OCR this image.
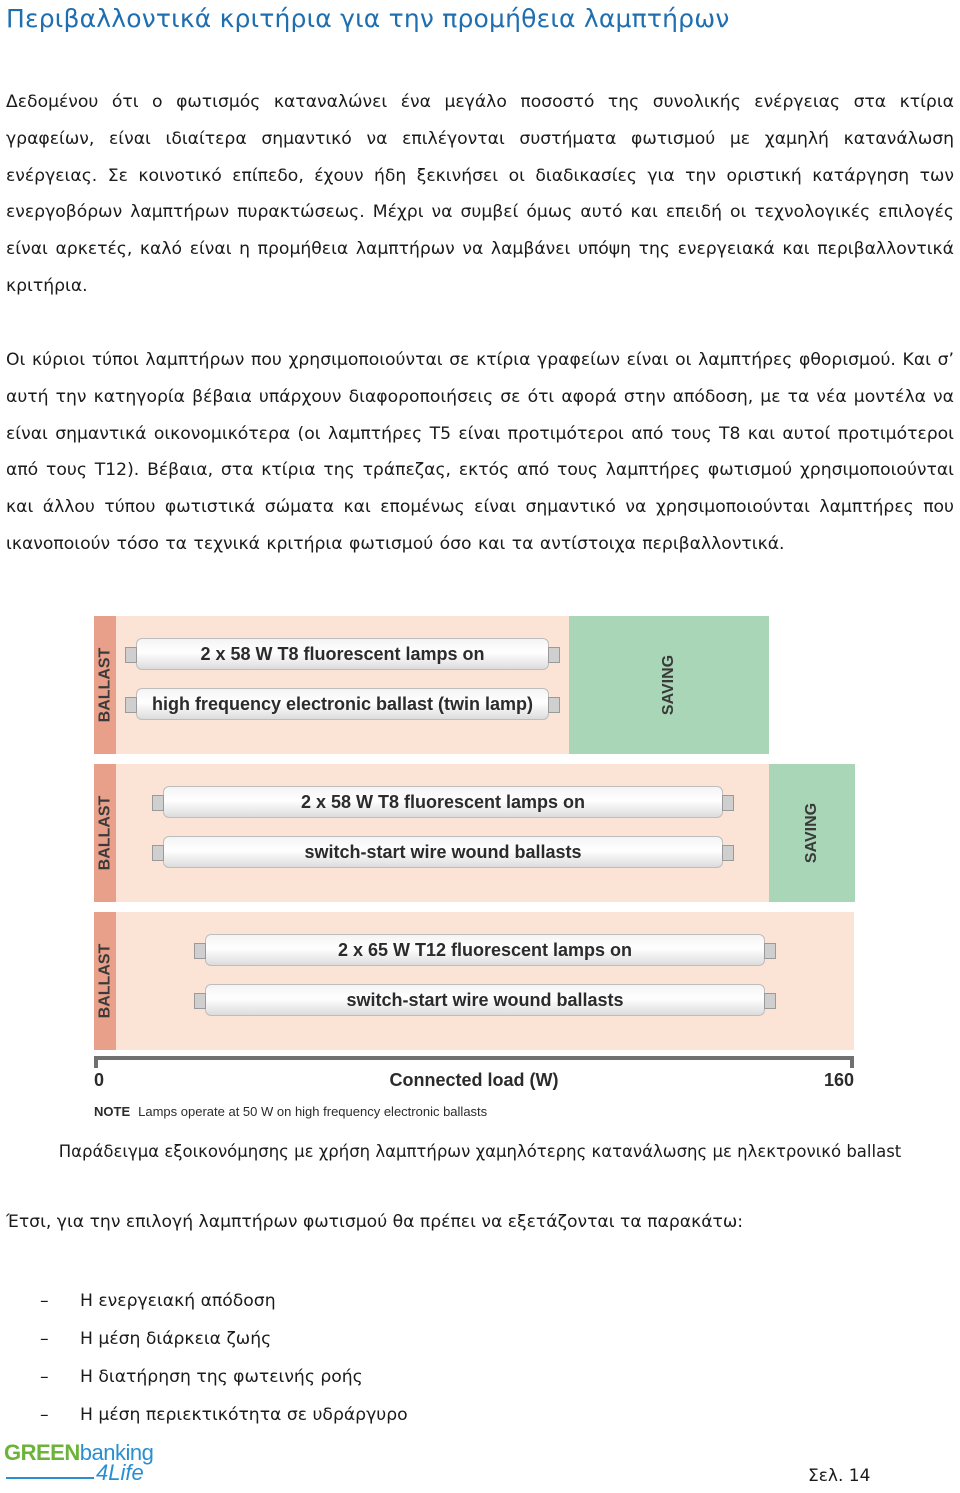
Περιβαλλοντικά κριτήρια για την προμήθεια λαμπτήρων

Δεδομένου ότι ο φωτισμός καταναλώνει ένα μεγάλο ποσοστό της συνολικής ενέργειας στα κτίρια γραφείων, είναι ιδιαίτερα σημαντικό να επιλέγονται συστήματα φωτισμού με χαμηλή κατανάλωση ενέργειας. Σε κοινοτικό επίπεδο, έχουν ήδη ξεκινήσει οι διαδικασίες για την οριστική κατάργηση των ενεργοβόρων λαμπτήρων πυρακτώσεως. Μέχρι να συμβεί όμως αυτό και επειδή οι τεχνολογικές επιλογές είναι αρκετές, καλό είναι η προμήθεια λαμπτήρων να λαμβάνει υπόψη της ενεργειακά και περιβαλλοντικά κριτήρια.

Οι κύριοι τύποι λαμπτήρων που χρησιμοποιούνται σε κτίρια γραφείων είναι οι λαμπτήρες φθορισμού. Και σ’ αυτή την κατηγορία βέβαια υπάρχουν διαφοροποιήσεις σε ότι αφορά στην απόδοση, με τα νέα μοντέλα να είναι σημαντικά οικονομικότερα (οι λαμπτήρες Τ5 είναι προτιμότεροι από τους Τ8 και αυτοί προτιμότεροι από τους Τ12). Βέβαια, στα κτίρια της τράπεζας, εκτός από τους λαμπτήρες φωτισμού χρησιμοποιούνται και άλλου τύπου φωτιστικά σώματα και επομένως είναι σημαντικό να χρησιμοποιούνται λαμπτήρες που ικανοποιούν τόσο τα τεχνικά κριτήρια φωτισμού όσο και τα αντίστοιχα περιβαλλοντικά.

0	Connected load (W)	160
NOTE Lamps operate at 50 W on high frequency electronic ballasts
BALLAST	2 x 58 W T8 fluorescent lamps on
high frequency electronic ballast (twin lamp)	SAVING
BALLAST	2 x 58 W T8 fluorescent lamps on
switch-start wire wound ballasts	SAVING
BALLAST	2 x 65 W T12 fluorescent lamps on
switch-start wire wound ballasts

Παράδειγμα εξοικονόμησης με χρήση λαμπτήρων χαμηλότερης κατανάλωσης με ηλεκτρονικό ballast

Έτσι, για την επιλογή λαμπτήρων φωτισμού θα πρέπει να εξετάζονται τα παρακάτω:

– Η ενεργειακή απόδοση
– Η μέση διάρκεια ζωής
– Η διατήρηση της φωτεινής ροής
– Η μέση περιεκτικότητα σε υδράργυρο
GREENbanking
4Life	Σελ. 14
